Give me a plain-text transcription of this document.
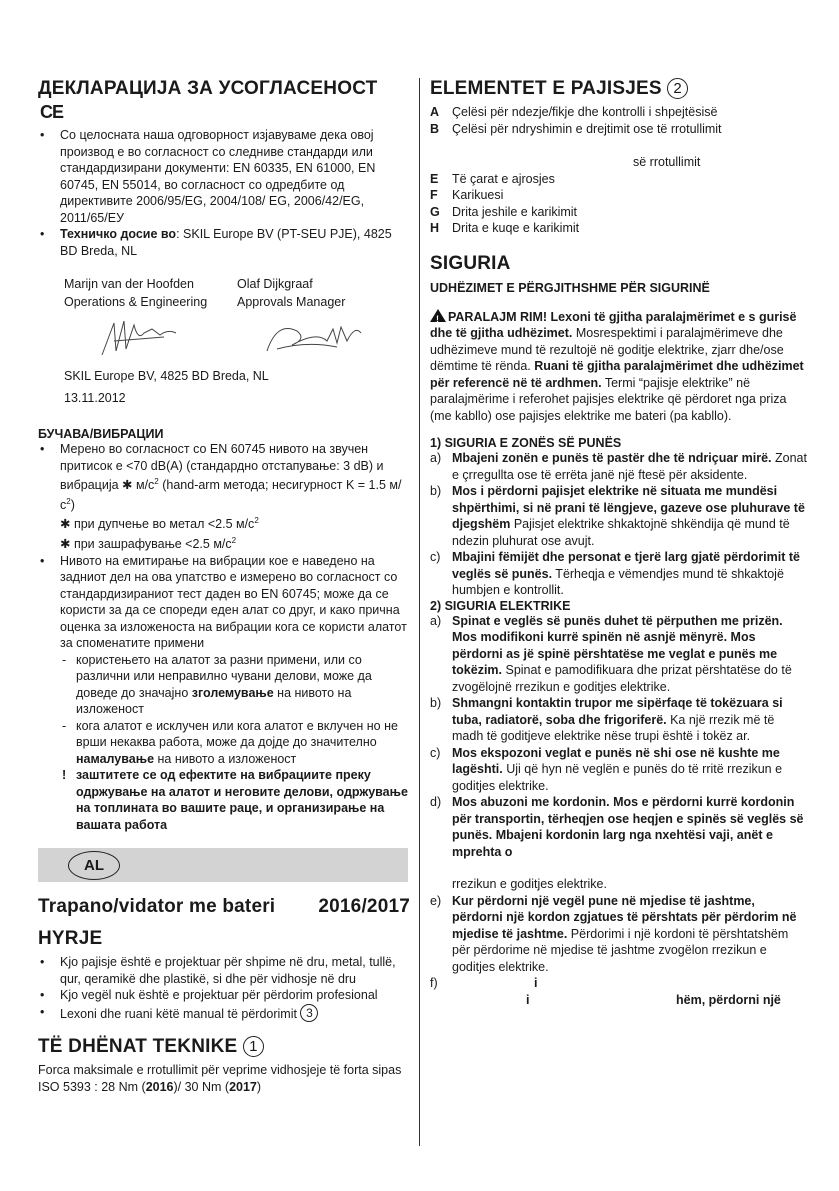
ДЕКЛАРАЦИЈА ЗА УСОГЛАСЕНОСТ
CE
• Со целосната наша одговорност изјавуваме дека овој производ е во согласност со следниве стандарди или стандардизирани документи: EN 60335, EN 61000, EN 60745, EN 55014, во согласност со одредбите од директивите 2006/95/EG, 2004/108/ EG, 2006/42/EG, 2011/65/EУ
• Техничко досие во: SKIL Europe BV (PT-SEU PJE), 4825 BD Breda, NL
Marijn van der Hoofden	Olaf Dijkgraaf
Operations & Engineering	Approvals Manager
SKIL Europe BV, 4825 BD Breda, NL
13.11.2012
БУЧАВА/ВИБРАЦИИ
• Мерено во согласност со EN 60745 нивото на звучен притисок е <70 dB(A) (стандардно отстапување: 3 dB) и вибрација ✱ $м/с^2$ (hand-arm метода; несигурност K = 1.5 $м/с^2$)
✱ при дупчење во метал <2.5 $м/с^2$
✱ при зашрафување <2.5 $м/с^2$
• Нивото на емитирање на вибрации кое е наведено на задниот дел на ова упатство е измерено во согласност со стандардизираниот тест даден во EN 60745; може да се користи за да се спореди еден алат со друг, и како прична оценка за изложеноста на вибрации кога се користи алатот за споменатите примени
- користењето на алатот за разни примени, или со различни или неправилно чувани делови, може да доведе до значајно зголемување на нивото на изложеност
- кога алатот е исклучен или кога алатот е вклучен но не врши некаква работа, може да дојде до значително намалување на нивото а изложеност
! заштитете се од ефектите на вибрациите преку одржување на алатот и неговите делови, одржување на топлината во вашите раце, и организирање на вашата работа
AL
Trapano/vidator me bateri 2016/2017
HYRJE
• Kjo pajisje është e projektuar për shpime në dru, metal, tullë, qur, qeramikë dhe plastikë, si dhe për vidhosje në dru
• Kjo vegël nuk është e projektuar për përdorim profesional
• Lexoni dhe ruani këtë manual të përdorimit 3
TË DHËNAT TEKNIKE 1

Forca maksimale e rrotullimit për veprime vidhosjeje të forta sipas ISO 5393 : 28 Nm (2016)/ 30 Nm (2017)

ELEMENTET E PAJISJES 2
A Çelësi për ndezje/fikje dhe kontrolli i shpejtësisë
B Çelësi për ndryshimin e drejtimit ose të rrotullimit
së rrotullimit
E Të çarat e ajrosjes
F Karikuesi
G Drita jeshile e karikimit
H Drita e kuqe e karikimit
SIGURIA
UDHËZIMET E PËRGJITHSHME PËR SIGURINË

!PARALAJM RIM! Lexoni të gjitha paralajmërimet e s gurisë dhe të gjitha udhëzimet. Mosrespektimi i paralajmërimeve dhe udhëzimeve mund të rezultojë në goditje elektrike, zjarr dhe/ose dëmtime të rënda. Ruani të gjitha paralajmërimet dhe udhëzimet për referencë në të ardhmen. Termi “pajisje elektrike” në paralajmërime i referohet pajisjes elektrike që përdoret nga priza (me kabllo) ose pajisjes elektrike me bateri (pa kabllo).

1) SIGURIA E ZONËS SË PUNËS
a) Mbajeni zonën e punës të pastër dhe të ndriçuar mirë. Zonat e çrregullta ose të errëta janë një ftesë për aksidente.
b) Mos i përdorni pajisjet elektrike në situata me mundësi shpërthimi, si në prani të lëngjeve, gazeve ose pluhurave të djegshëm Pajisjet elektrike shkaktojnë shkëndija që mund të ndezin pluhurat ose avujt.
c) Mbajini fëmijët dhe personat e tjerë larg gjatë përdorimit të veglës së punës. Tërheqja e vëmendjes mund të shkaktojë humbjen e kontrollit.
2) SIGURIA ELEKTRIKE
a) Spinat e veglës së punës duhet të përputhen me prizën. Mos modifikoni kurrë spinën në asnjë mënyrë. Mos përdorni as jë spinë përshtatëse me veglat e punës me tokëzim. Spinat e pamodifikuara dhe prizat përshtatëse do të zvogëlojnë rrezikun e goditjes elektrike.
b) Shmangni kontaktin trupor me sipërfaqe të tokëzuara si tuba, radiatorë, soba dhe frigoriferë. Ka një rrezik më të madh të goditjeve elektrike nëse trupi është i tokëz ar.
c) Mos ekspozoni veglat e punës në shi ose në kushte me lagështi. Uji që hyn në veglën e punës do të rritë rrezikun e goditjes elektrike.
d) Mos abuzoni me kordonin. Mos e përdorni kurrë kordonin për transportin, tërheqjen ose heqjen e spinës së veglës së punës. Mbajeni kordonin larg nga nxehtësi vaji, anët e mprehta o
rrezikun e goditjes elektrike.
e) Kur përdorni një vegël pune në mjedise të jashtme, përdorni një kordon zgjatues të përshtats për përdorim në mjedise të jashtme. Përdorimi i një kordoni të përshtatshëm për përdorime në mjedise të jashtme zvogëlon rrezikun e goditjes elektrike.
f)	i
i	hëm, përdorni një
